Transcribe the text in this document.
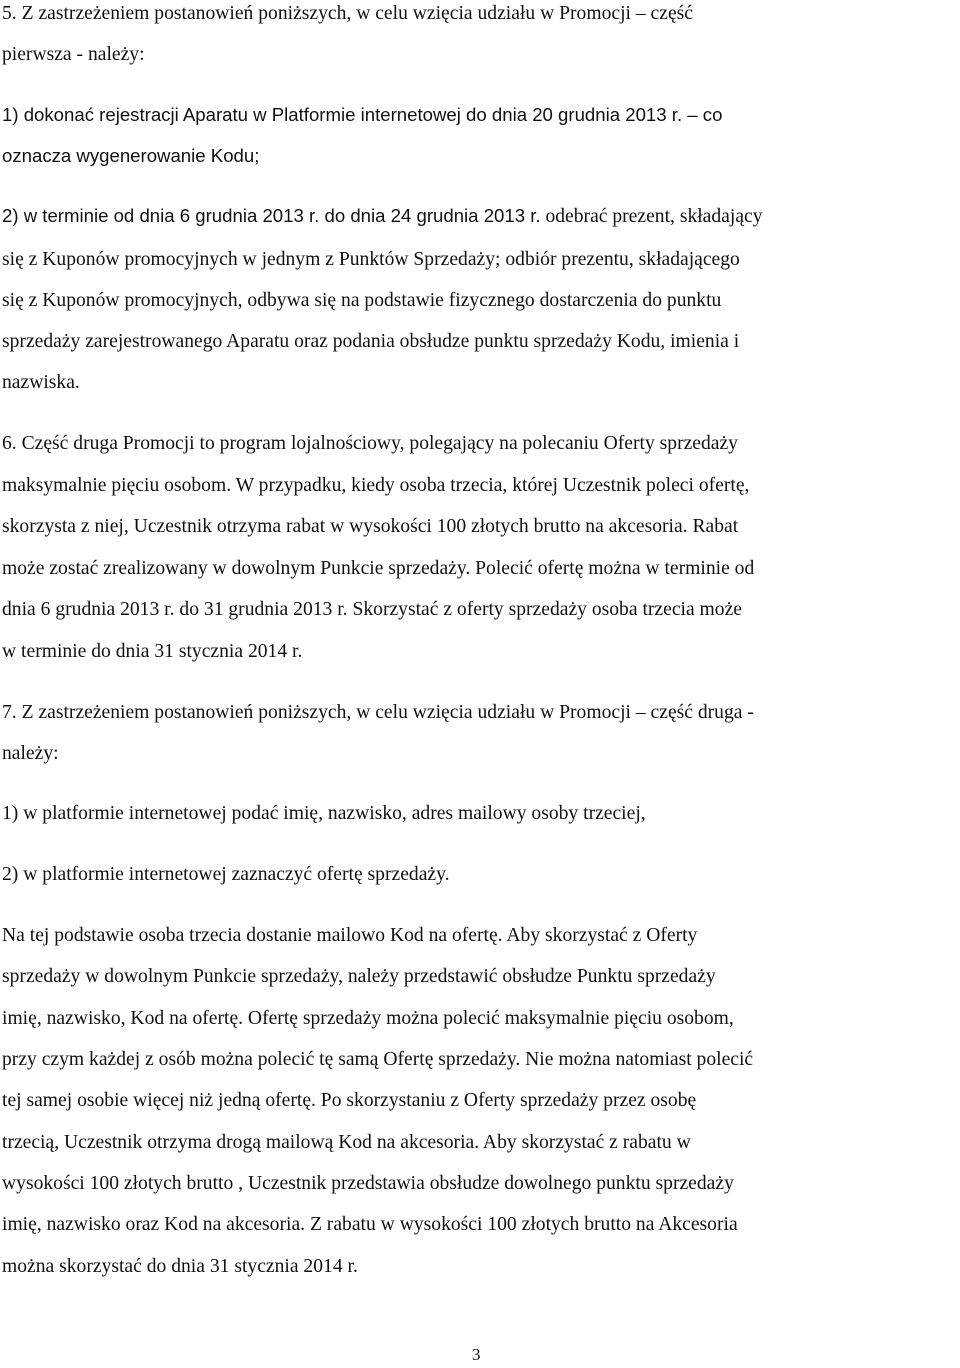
5. Z zastrzeżeniem postanowień poniższych, w celu wzięcia udziału w Promocji – część
pierwsza - należy:
1) dokonać rejestracji Aparatu w Platformie internetowej do dnia 20 grudnia 2013 r. – co
oznacza wygenerowanie Kodu;
2) w terminie od dnia 6 grudnia 2013 r. do dnia 24 grudnia 2013 r. odebrać prezent, składający
się z Kuponów promocyjnych w jednym z Punktów Sprzedaży; odbiór prezentu, składającego
się z Kuponów promocyjnych, odbywa się na podstawie fizycznego dostarczenia do punktu
sprzedaży zarejestrowanego Aparatu oraz podania obsłudze punktu sprzedaży Kodu, imienia i
nazwiska.
6. Część druga Promocji to program lojalnościowy, polegający na polecaniu Oferty sprzedaży
maksymalnie pięciu osobom. W przypadku, kiedy osoba trzecia, której Uczestnik poleci ofertę,
skorzysta z niej, Uczestnik otrzyma rabat w wysokości 100 złotych brutto na akcesoria. Rabat
może zostać zrealizowany w dowolnym Punkcie sprzedaży. Polecić ofertę można w terminie od
dnia 6 grudnia 2013 r. do 31 grudnia 2013 r. Skorzystać z oferty sprzedaży osoba trzecia może
w terminie do dnia 31 stycznia 2014 r.
7. Z zastrzeżeniem postanowień poniższych, w celu wzięcia udziału w Promocji – część druga -
należy:
1) w platformie internetowej podać imię, nazwisko, adres mailowy osoby trzeciej,
2) w platformie internetowej zaznaczyć ofertę sprzedaży.
Na tej podstawie osoba trzecia dostanie mailowo Kod na ofertę. Aby skorzystać z Oferty
sprzedaży w dowolnym Punkcie sprzedaży, należy przedstawić obsłudze Punktu sprzedaży
imię, nazwisko, Kod na ofertę. Ofertę sprzedaży można polecić maksymalnie pięciu osobom,
przy czym każdej z osób można polecić tę samą Ofertę sprzedaży. Nie można natomiast polecić
tej samej osobie więcej niż jedną ofertę. Po skorzystaniu z Oferty sprzedaży przez osobę
trzecią, Uczestnik otrzyma drogą mailową Kod na akcesoria. Aby skorzystać z rabatu w
wysokości 100 złotych brutto , Uczestnik przedstawia obsłudze dowolnego punktu sprzedaży
imię, nazwisko oraz Kod na akcesoria. Z rabatu w wysokości 100 złotych brutto na Akcesoria
można skorzystać do dnia 31 stycznia 2014 r.
3
